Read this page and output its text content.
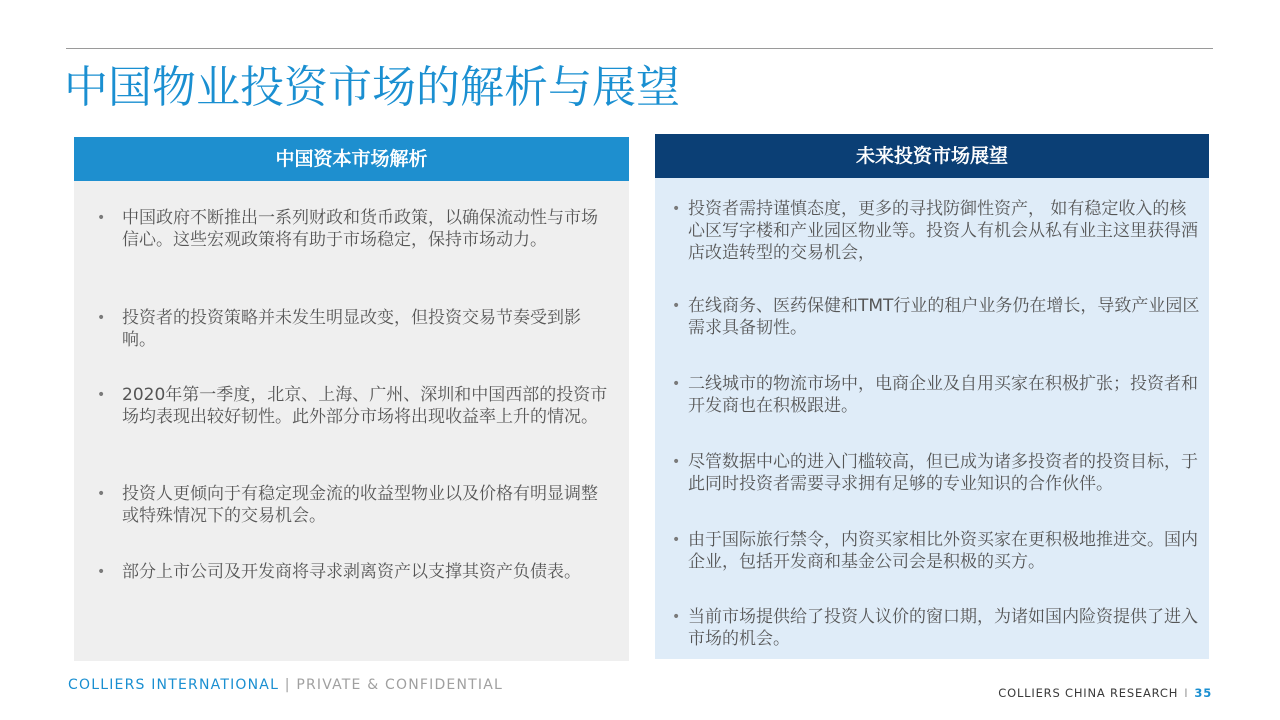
中国物业投资市场的解析与展望
中国资本市场解析
• 中国政府不断推出一系列财政和货币政策，以确保流动性与市场信心。这些宏观政策将有助于市场稳定，保持市场动力。
• 投资者的投资策略并未发生明显改变，但投资交易节奏受到影响。
• 2020年第一季度，北京、上海、广州、深圳和中国西部的投资市场均表现出较好韧性。此外部分市场将出现收益率上升的情况。
• 投资人更倾向于有稳定现金流的收益型物业以及价格有明显调整或特殊情况下的交易机会。
• 部分上市公司及开发商将寻求剥离资产以支撑其资产负债表。
未来投资市场展望
• 投资者需持谨慎态度，更多的寻找防御性资产， 如有稳定收入的核心区写字楼和产业园区物业等。投资人有机会从私有业主这里获得酒店改造转型的交易机会，
• 在线商务、医药保健和TMT行业的租户业务仍在增长，导致产业园区需求具备韧性。
• 二线城市的物流市场中，电商企业及自用买家在积极扩张；投资者和开发商也在积极跟进。
• 尽管数据中心的进入门槛较高，但已成为诸多投资者的投资目标，于此同时投资者需要寻求拥有足够的专业知识的合作伙伴。
• 由于国际旅行禁令，内资买家相比外资买家在更积极地推进交。国内企业，包括开发商和基金公司会是积极的买方。
• 当前市场提供给了投资人议价的窗口期，为诸如国内险资提供了进入市场的机会。
COLLIERS INTERNATIONAL | PRIVATE & CONFIDENTIAL	COLLIERS CHINA RESEARCH I 35
